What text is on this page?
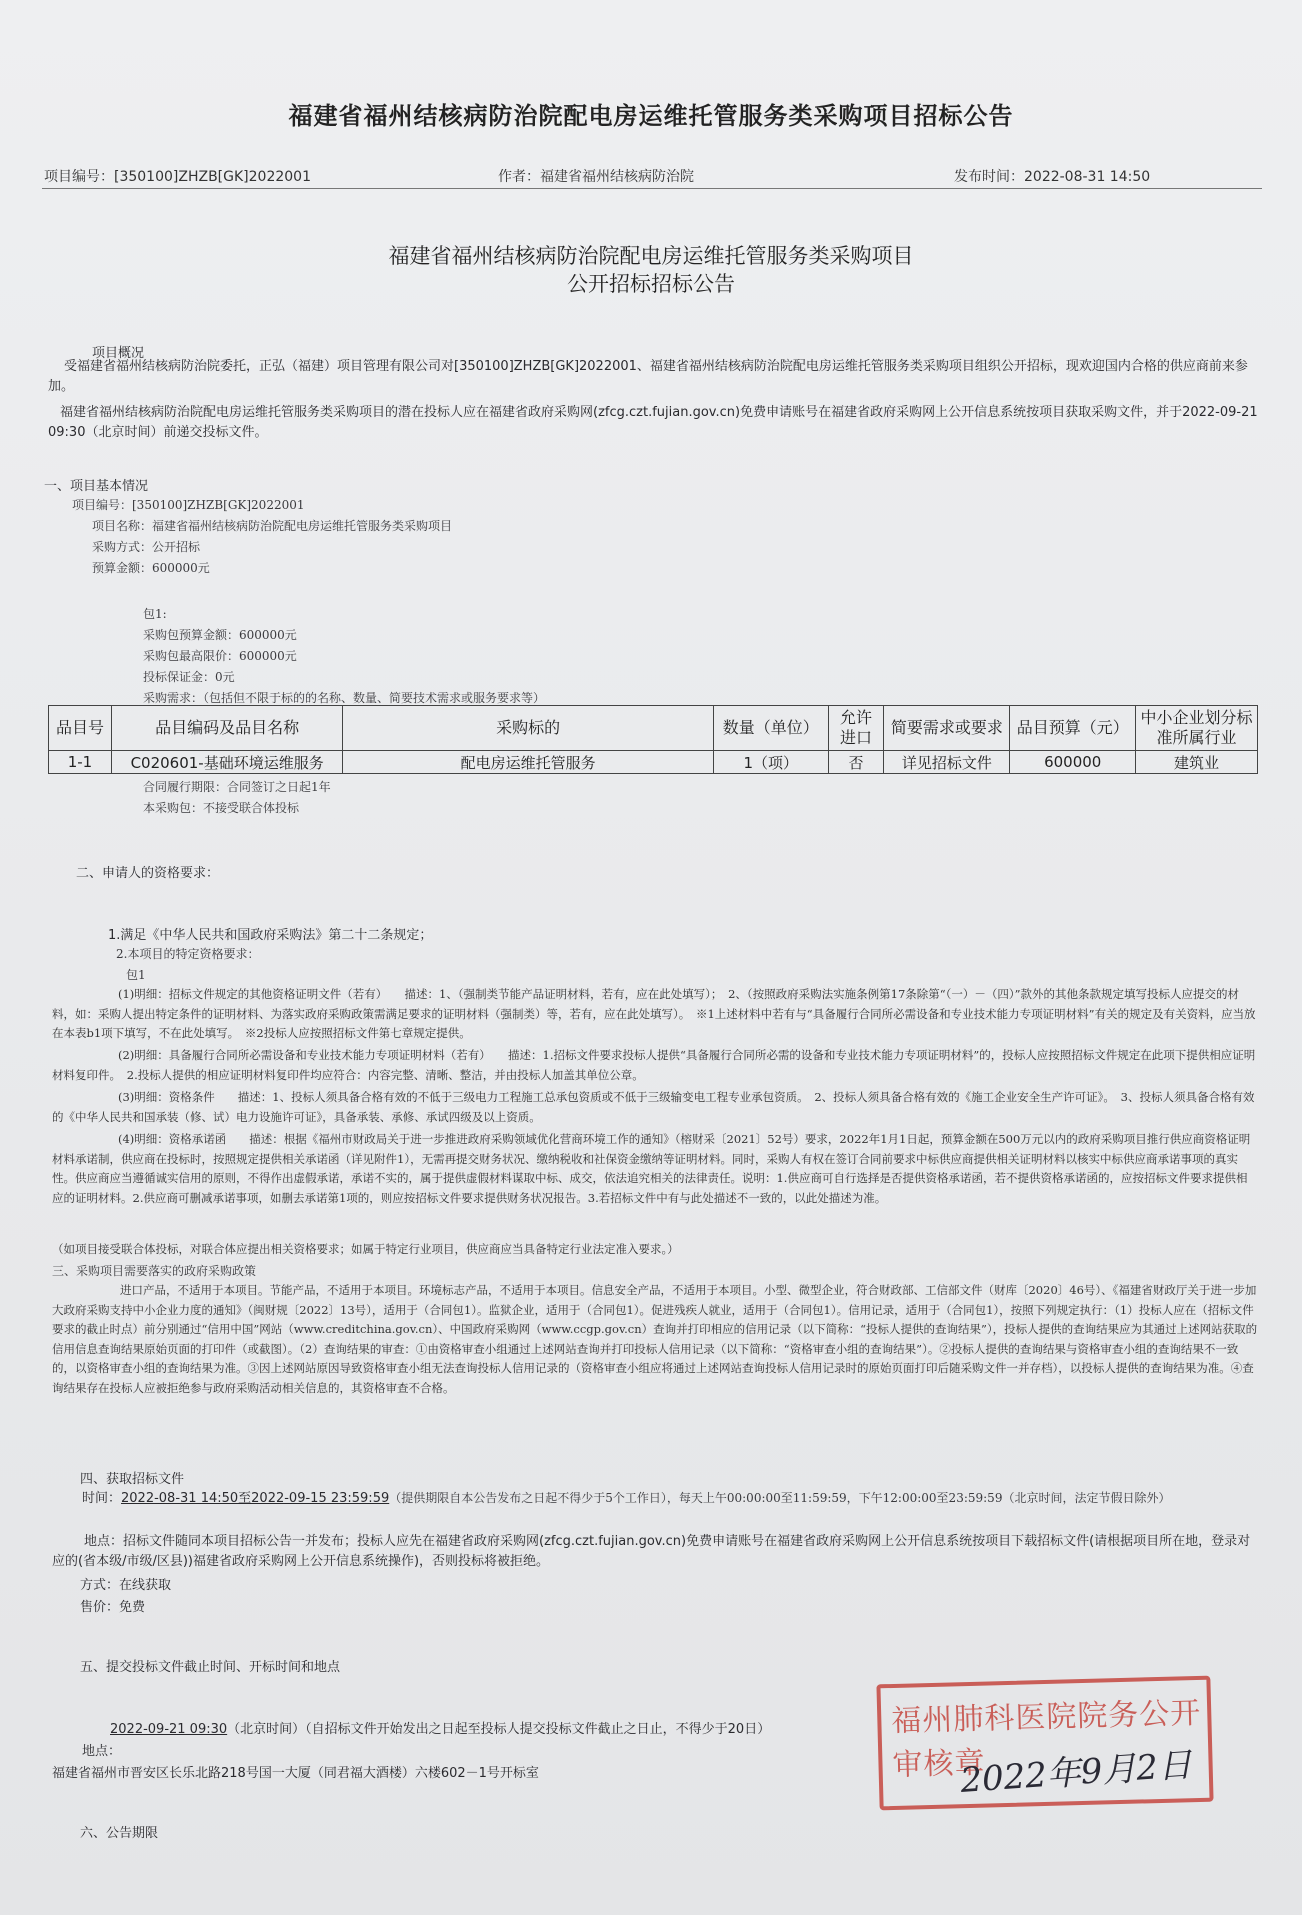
福建省福州结核病防治院配电房运维托管服务类采购项目招标公告
项目编号：[350100]ZHZB[GK]2022001	作者：福建省福州结核病防治院	发布时间：2022-08-31 14:50
福建省福州结核病防治院配电房运维托管服务类采购项目
公开招标招标公告
项目概况
受福建省福州结核病防治院委托，正弘（福建）项目管理有限公司对[350100]ZHZB[GK]2022001、福建省福州结核病防治院配电房运维托管服务类采购项目组织公开招标，现欢迎国内合格的供应商前来参加。
福建省福州结核病防治院配电房运维托管服务类采购项目的潜在投标人应在福建省政府采购网(zfcg.czt.fujian.gov.cn)免费申请账号在福建省政府采购网上公开信息系统按项目获取采购文件，并于2022-09-21 09:30（北京时间）前递交投标文件。
一、项目基本情况
项目编号：[350100]ZHZB[GK]2022001
项目名称：福建省福州结核病防治院配电房运维托管服务类采购项目
采购方式：公开招标
预算金额：600000元
包1:
采购包预算金额：600000元
采购包最高限价：600000元
投标保证金：0元
采购需求：（包括但不限于标的的名称、数量、简要技术需求或服务要求等）
品目号	品目编码及品目名称	采购标的	数量（单位）	允许进口	简要需求或要求	品目预算（元）	中小企业划分标准所属行业
1-1	C020601-基础环境运维服务	配电房运维托管服务	1（项）	否	详见招标文件	600000	建筑业
合同履行期限：合同签订之日起1年
本采购包：不接受联合体投标
二、申请人的资格要求：
1.满足《中华人民共和国政府采购法》第二十二条规定；
2.本项目的特定资格要求：
包1
(1)明细：招标文件规定的其他资格证明文件（若有）　　描述：1、（强制类节能产品证明材料，若有，应在此处填写）；　2、（按照政府采购法实施条例第17条除第“（一）－（四）”款外的其他条款规定填写投标人应提交的材料，如：采购人提出特定条件的证明材料、为落实政府采购政策需满足要求的证明材料（强制类）等，若有，应在此处填写）。　※1上述材料中若有与“具备履行合同所必需设备和专业技术能力专项证明材料”有关的规定及有关资料，应当放在本表b1项下填写，不在此处填写。　※2投标人应按照招标文件第七章规定提供。
(2)明细：具备履行合同所必需设备和专业技术能力专项证明材料（若有）　　描述：1.招标文件要求投标人提供“具备履行合同所必需的设备和专业技术能力专项证明材料”的，投标人应按照招标文件规定在此项下提供相应证明材料复印件。　2.投标人提供的相应证明材料复印件均应符合：内容完整、清晰、整洁，并由投标人加盖其单位公章。
(3)明细：资格条件　　描述：1、投标人须具备合格有效的不低于三级电力工程施工总承包资质或不低于三级输变电工程专业承包资质。　2、投标人须具备合格有效的《施工企业安全生产许可证》。　3、投标人须具备合格有效的《中华人民共和国承装（修、试）电力设施许可证》，具备承装、承修、承试四级及以上资质。
(4)明细：资格承诺函　　描述：根据《福州市财政局关于进一步推进政府采购领域优化营商环境工作的通知》（榕财采〔2021〕52号）要求，2022年1月1日起，预算金额在500万元以内的政府采购项目推行供应商资格证明材料承诺制，供应商在投标时，按照规定提供相关承诺函（详见附件1），无需再提交财务状况、缴纳税收和社保资金缴纳等证明材料。同时，采购人有权在签订合同前要求中标供应商提供相关证明材料以核实中标供应商承诺事项的真实性。供应商应当遵循诚实信用的原则，不得作出虚假承诺，承诺不实的，属于提供虚假材料谋取中标、成交，依法追究相关的法律责任。说明：1.供应商可自行选择是否提供资格承诺函，若不提供资格承诺函的，应按招标文件要求提供相应的证明材料。2.供应商可删减承诺事项，如删去承诺第1项的，则应按招标文件要求提供财务状况报告。3.若招标文件中有与此处描述不一致的，以此处描述为准。
（如项目接受联合体投标，对联合体应提出相关资格要求；如属于特定行业项目，供应商应当具备特定行业法定准入要求。）
三、采购项目需要落实的政府采购政策
进口产品，不适用于本项目。节能产品，不适用于本项目。环境标志产品，不适用于本项目。信息安全产品，不适用于本项目。小型、微型企业，符合财政部、工信部文件（财库〔2020〕46号）、《福建省财政厅关于进一步加大政府采购支持中小企业力度的通知》（闽财规〔2022〕13号），适用于（合同包1）。监狱企业，适用于（合同包1）。促进残疾人就业，适用于（合同包1）。信用记录，适用于（合同包1），按照下列规定执行：（1）投标人应在（招标文件要求的截止时点）前分别通过“信用中国”网站（www.creditchina.gov.cn）、中国政府采购网（www.ccgp.gov.cn）查询并打印相应的信用记录（以下简称：“投标人提供的查询结果”），投标人提供的查询结果应为其通过上述网站获取的信用信息查询结果原始页面的打印件（或截图）。（2）查询结果的审查：①由资格审查小组通过上述网站查询并打印投标人信用记录（以下简称：“资格审查小组的查询结果”）。②投标人提供的查询结果与资格审查小组的查询结果不一致的，以资格审查小组的查询结果为准。③因上述网站原因导致资格审查小组无法查询投标人信用记录的（资格审查小组应将通过上述网站查询投标人信用记录时的原始页面打印后随采购文件一并存档），以投标人提供的查询结果为准。④查询结果存在投标人应被拒绝参与政府采购活动相关信息的，其资格审查不合格。
四、获取招标文件
时间：2022-08-31 14:50至2022-09-15 23:59:59（提供期限自本公告发布之日起不得少于5个工作日），每天上午00:00:00至11:59:59，下午12:00:00至23:59:59（北京时间，法定节假日除外）
地点：招标文件随同本项目招标公告一并发布；投标人应先在福建省政府采购网(zfcg.czt.fujian.gov.cn)免费申请账号在福建省政府采购网上公开信息系统按项目下载招标文件(请根据项目所在地，登录对应的(省本级/市级/区县))福建省政府采购网上公开信息系统操作)，否则投标将被拒绝。
方式：在线获取
售价：免费
五、提交投标文件截止时间、开标时间和地点
2022-09-21 09:30（北京时间）（自招标文件开始发出之日起至投标人提交投标文件截止之日止，不得少于20日）
地点：
福建省福州市晋安区长乐北路218号国一大厦（同君福大酒楼）六楼602－1号开标室
六、公告期限
福州肺科医院院务公开审核章
2022年9月2日
